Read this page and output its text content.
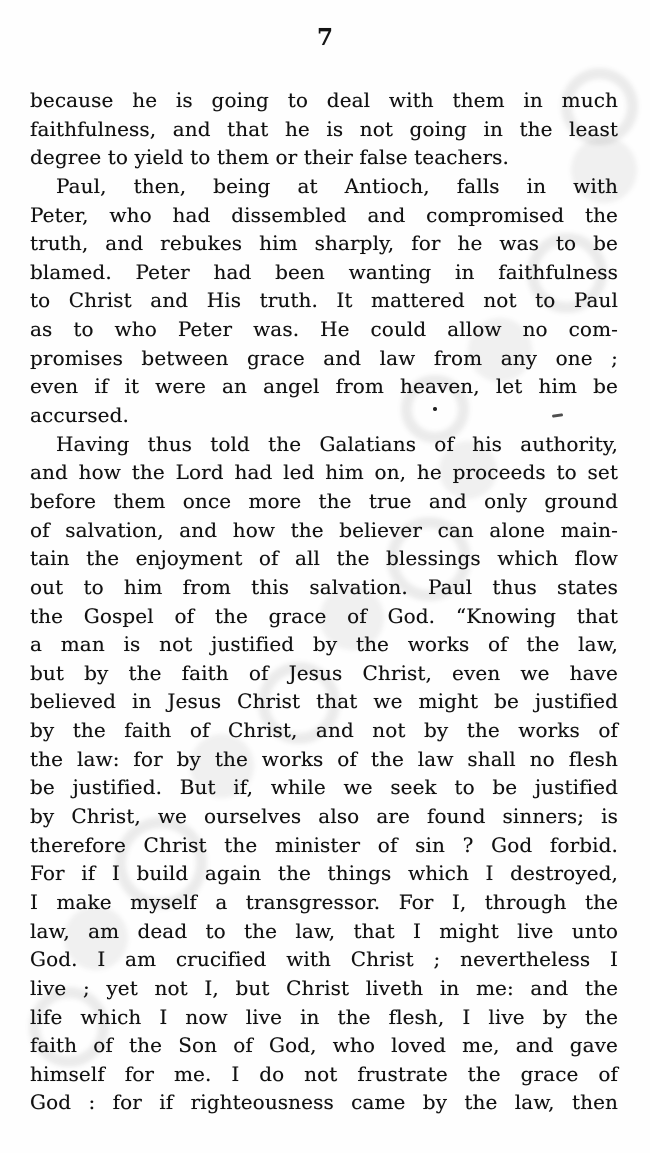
7
because he is going to deal with them in much
faithfulness, and that he is not going in the least
degree to yield to them or their false teachers.
Paul, then, being at Antioch, falls in with
Peter, who had dissembled and compromised the
truth, and rebukes him sharply, for he was to be
blamed. Peter had been wanting in faithfulness
to Christ and His truth. It mattered not to Paul
as to who Peter was. He could allow no com-
promises between grace and law from any one ;
even if it were an angel from heaven, let him be
accursed.
Having thus told the Galatians of his authority,
and how the Lord had led him on, he proceeds to set
before them once more the true and only ground
of salvation, and how the believer can alone main-
tain the enjoyment of all the blessings which flow
out to him from this salvation. Paul thus states
the Gospel of the grace of God. “Knowing that
a man is not justified by the works of the law,
but by the faith of Jesus Christ, even we have
believed in Jesus Christ that we might be justified
by the faith of Christ, and not by the works of
the law: for by the works of the law shall no flesh
be justified. But if, while we seek to be justified
by Christ, we ourselves also are found sinners; is
therefore Christ the minister of sin ? God forbid.
For if I build again the things which I destroyed,
I make myself a transgressor. For I, through the
law, am dead to the law, that I might live unto
God. I am crucified with Christ ; nevertheless I
live ; yet not I, but Christ liveth in me: and the
life which I now live in the flesh, I live by the
faith of the Son of God, who loved me, and gave
himself for me. I do not frustrate the grace of
God : for if righteousness came by the law, then
